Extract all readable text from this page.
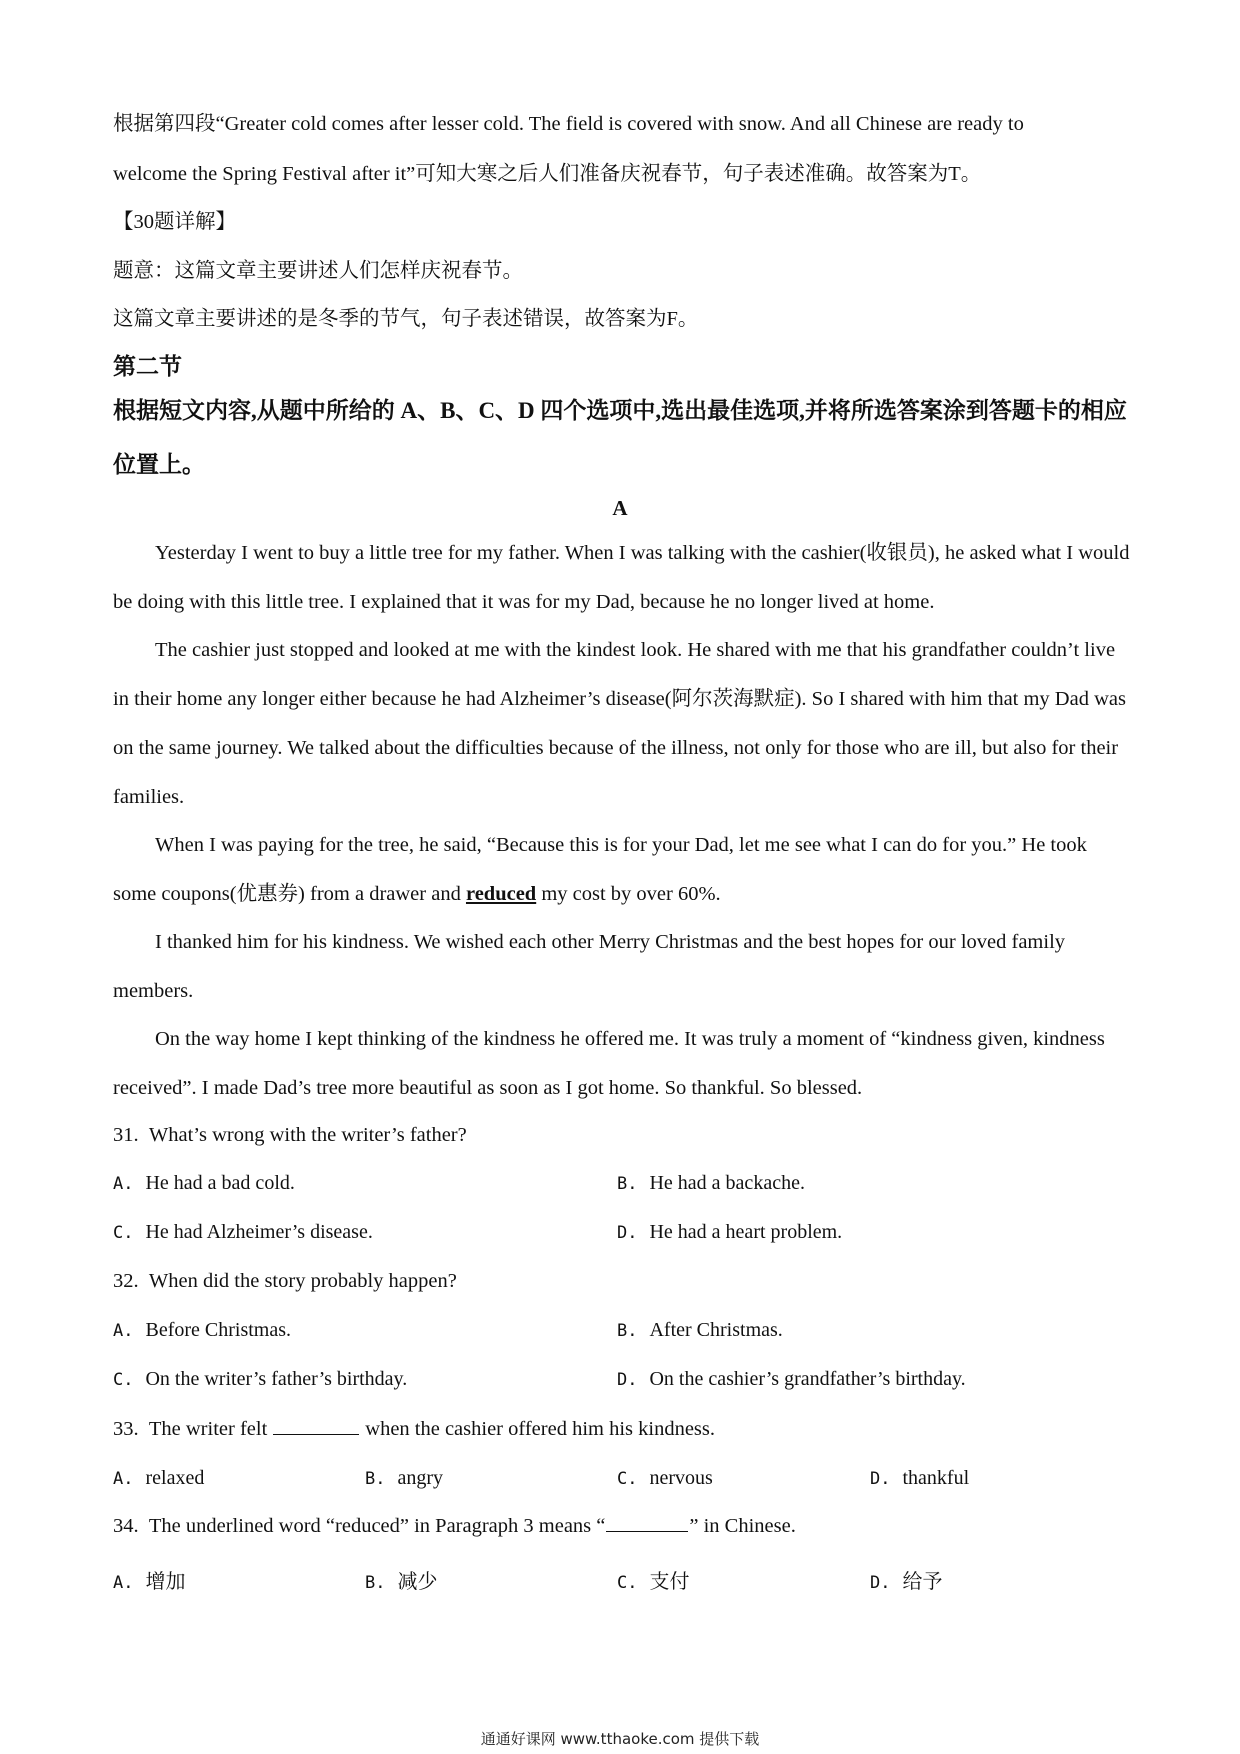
根据第四段“Greater cold comes after lesser cold. The field is covered with snow. And all Chinese are ready to
welcome the Spring Festival after it”可知大寒之后人们准备庆祝春节，句子表述准确。故答案为T。
【30题详解】
题意：这篇文章主要讲述人们怎样庆祝春节。
这篇文章主要讲述的是冬季的节气，句子表述错误，故答案为F。
第二节
根据短文内容,从题中所给的 A、B、C、D 四个选项中,选出最佳选项,并将所选答案涂到答题卡的相应位置上。
A
Yesterday I went to buy a little tree for my father. When I was talking with the cashier(收银员), he asked what I would be doing with this little tree. I explained that it was for my Dad, because he no longer lived at home.
The cashier just stopped and looked at me with the kindest look. He shared with me that his grandfather couldn’t live in their home any longer either because he had Alzheimer’s disease(阿尔茨海默症). So I shared with him that my Dad was on the same journey. We talked about the difficulties because of the illness, not only for those who are ill, but also for their families.
When I was paying for the tree, he said, “Because this is for your Dad, let me see what I can do for you.” He took some coupons(优惠券) from a drawer and reduced my cost by over 60%.
I thanked him for his kindness. We wished each other Merry Christmas and the best hopes for our loved family members.
On the way home I kept thinking of the kindness he offered me. It was truly a moment of “kindness given, kindness received”. I made Dad’s tree more beautiful as soon as I got home. So thankful. So blessed.
31. What’s wrong with the writer’s father?
A. He had a bad cold.	B. He had a backache.
C. He had Alzheimer’s disease.	D. He had a heart problem.
32. When did the story probably happen?
A. Before Christmas.	B. After Christmas.
C. On the writer’s father’s birthday.	D. On the cashier’s grandfather’s birthday.
33. The writer felt	when the cashier offered him his kindness.
A. relaxed	B. angry	C. nervous	D. thankful
34. The underlined word “reduced” in Paragraph 3 means “	” in Chinese.
A. 增加	B. 减少	C. 支付	D. 给予
通通好课网 www.tthaoke.com 提供下载
